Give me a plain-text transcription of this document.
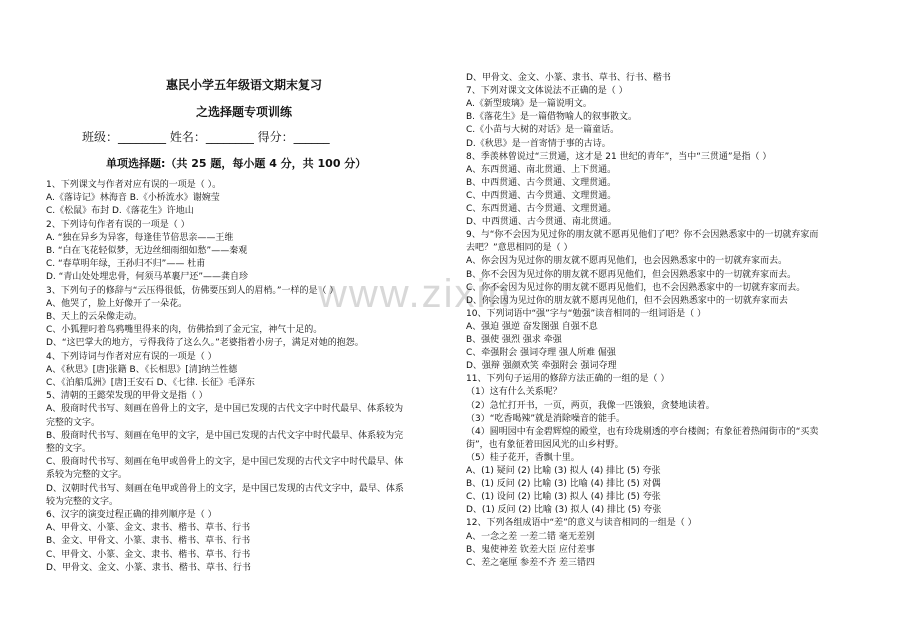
www.zixin
惠民小学五年级语文期末复习
之选择题专项训练
班级：________ 姓名：________ 得分：______
单项选择题:（共 25 题，每小题 4 分，共 100 分）
1、下列课文与作者对应有误的一项是（ ）。
A.《落诗记》林海音 B.《小桥流水》谢婉莹
C.《松鼠》布封 D.《落花生》许地山
2、下列诗句作者有误的一项是（ ）
A. “独在异乡为异客，每逢佳节倍思亲——王维
B. “白在飞花轻似梦，无边丝细雨细如愁”——秦观
C. “春草明年绿，王孙归不归”—— 杜甫
D. “青山处处埋忠骨，何须马革裹尸还”——龚自珍
3、下列句子的修辞与“云压得很低，仿佛要压到人的眉梢。”一样的是（ ）
A、他哭了，脸上好像开了一朵花。
B、天上的云朵像走动。
C、小狐狸叼着鸟鸦嘴里得来的肉，仿佛拾到了金元宝，神气十足的。
D、“这巴掌大的地方，亏得我待了这么久。”老婆指着小房子，满足对她的抱怨。
4、下列诗词与作者对应有误的一项是（ ）
A、《秋思》[唐]张籍 B、《长相思》[清]纳兰性德
C、《泊船瓜洲》[唐]王安石 D、《七律. 长征》毛泽东
5、清朝的王懿荣发现的甲骨文是指（ ）
A、殷商时代书写、刻画在兽骨上的文字，是中国已发现的古代文字中时代最早、体系较为
完整的文字。
B、殷商时代书写、刻画在龟甲的文字，是中国已发现的古代文字中时代最早、体系较为完
整的文字。
C、殷商时代书写、刻画在龟甲或兽骨上的文字，是中国已发现的古代文字中时代最早、体
系较为完整的文字。
D、汉朝时代书写、刻画在龟甲或兽骨上的文字，是中国已发现的古代文字中，最早、体系
较为完整的文字。
6、汉字的演变过程正确的排列顺序是（ ）
A、甲骨文、小篆、金文、隶书、楷书、草书、行书
B、金文、甲骨文、小篆、隶书、楷书、草书、行书
C、甲骨文、小篆、金文、隶书、楷书、草书、行书
D、甲骨文、金文、小篆、隶书、楷书、草书、行书
D、甲骨文、金文、小篆、隶书、草书、行书、楷书
7、下列对课文文体说法不正确的是（ ）
A.《新型玻璃》是一篇说明文。
B.《落花生》是一篇借物喻人的叙事散文。
C.《小苗与大树的对话》是一篇童话。
D.《秋思》是一首寄情于事的古诗。
8、季羡林曾说过“三贯通，这才是 21 世纪的青年”，当中“三贯通”是指（ ）
A、东西贯通、南北贯通、上下贯通。
B、中西贯通、古今贯通、文理贯通。
C、中西贯通、古今贯通、文理贯通。
C、东西贯通、古今贯通、文理贯通。
D、中西贯通、古今贯通、南北贯通。
9、与“你不会因为见过你的朋友就不愿再见他们了吧？你不会因熟悉家中的一切就弃家而
去吧？”意思相同的是（ ）
A、你会因为见过你的朋友就不愿再见他们，也会因熟悉家中的一切就弃家而去。
B、你不会因为见过你的朋友就不愿再见他们，但会因熟悉家中的一切就弃家而去。
C、你不会因为见过你的朋友就不愿再见他们，也不会因熟悉家中的一切就弃家而去。
D、你会因为见过你的朋友就不愿再见他们，但不会因熟悉家中的一切就弃家而去
10、下列词语中“强”字与“勉强”读音相同的一组词语是（ ）
A、强迫 强逆 奋发图强 自强不息
B、强使 强烈 强求 牵强
C、牵强附会 强词夺理 强人所难 倔强
D、强辩 强颜欢笑 牵强附会 强词夺理
11、下列句子运用的修辞方法正确的一组的是（ ）
（1）这有什么关系呢？
（2）急忙打开书，一页，两页，我像一匹饿狼，贪婪地读着。
（3）“吃香喝辣”就是消除噪音的能手。
（4）圆明园中有金碧辉煌的殿堂，也有玲珑剔透的亭台楼阁；有象征着热闹街市的“买卖
街”，也有象征着田园风光的山乡村野。
（5）桂子花开，香飘十里。
A、(1) 疑问 (2) 比喻 (3) 拟人 (4) 排比 (5) 夸张
B、(1) 反问 (2) 比喻 (3) 比喻 (4) 排比 (5) 对偶
C、(1) 设问 (2) 比喻 (3) 拟人 (4) 排比 (5) 夸张
D、(1) 反问 (2) 比喻 (3) 拟人 (4) 排比 (5) 夸张
12、下列各组成语中“差”的意义与读音相同的一组是（ ）
A、一念之差 一差二错 毫无差别
B、鬼使神差 钦差大臣 应付差事
C、差之毫厘 参差不齐 差三错四
